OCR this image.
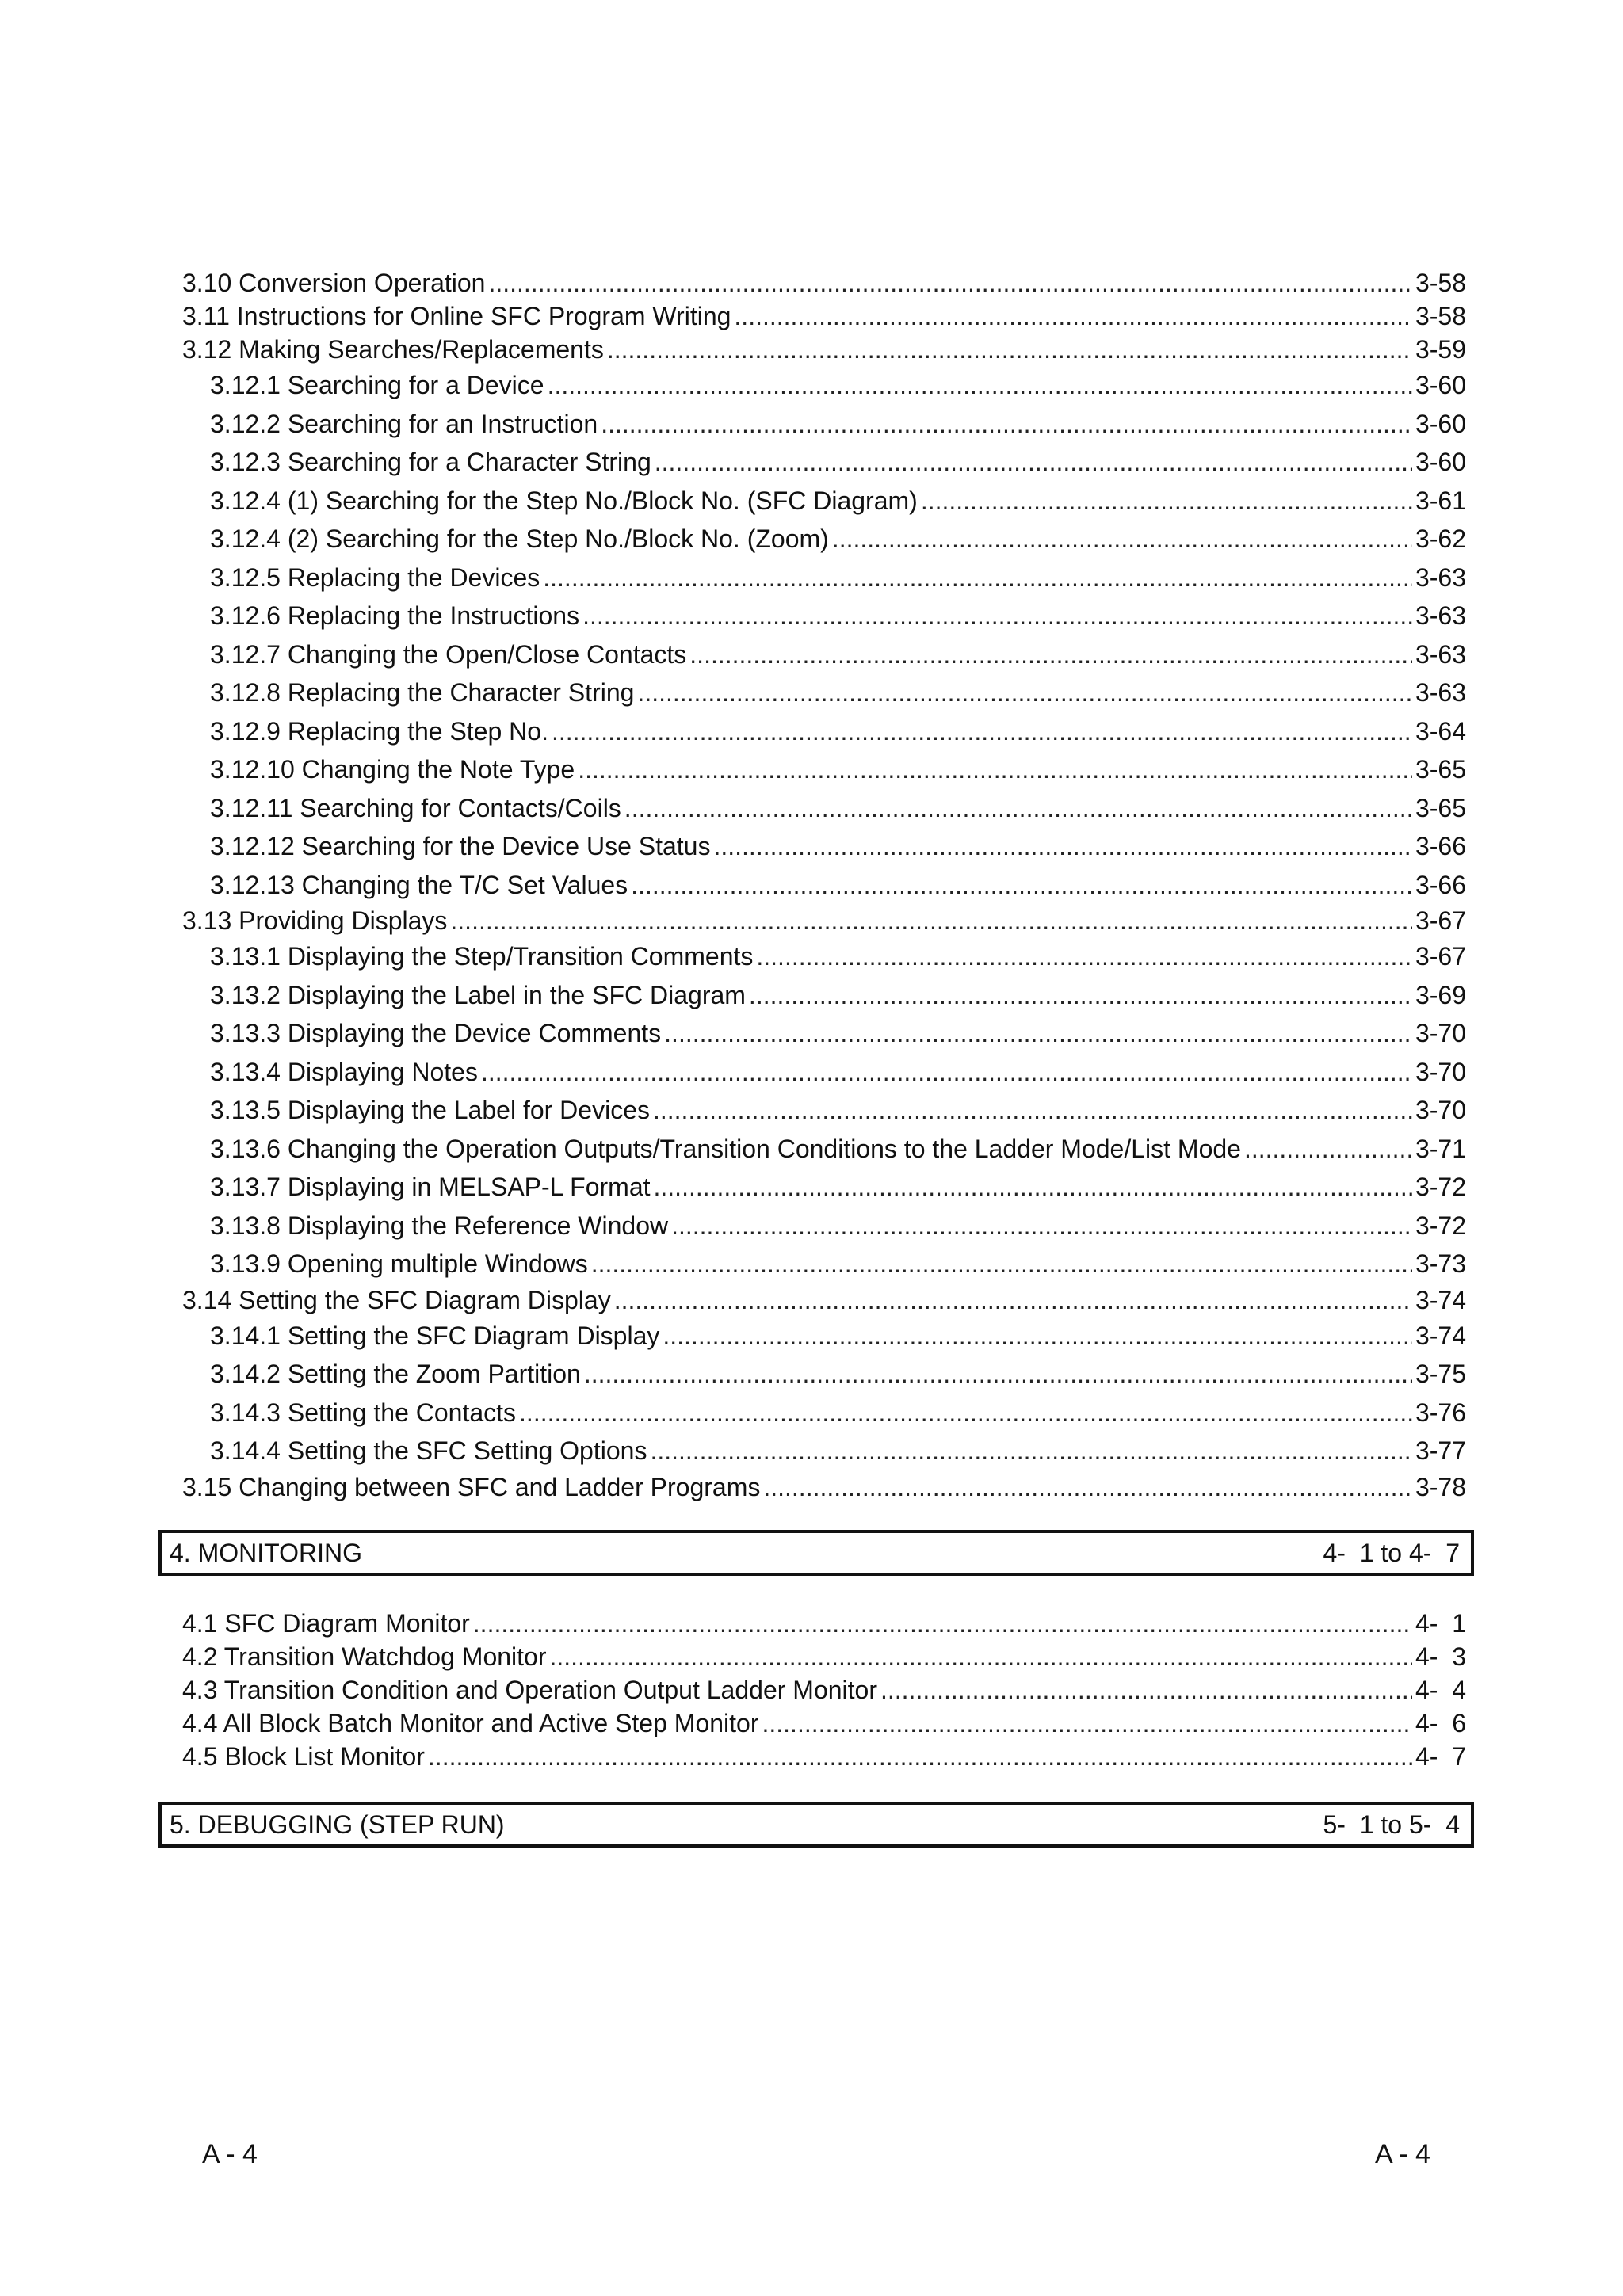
3.10 Conversion Operation .....	3-58
3.11 Instructions for Online SFC Program Writing .....	3-58
3.12 Making Searches/Replacements .....	3-59
3.12.1 Searching for a Device .....	3-60
3.12.2 Searching for an Instruction .....	3-60
3.12.3 Searching for a Character String .....	3-60
3.12.4 (1) Searching for the Step No./Block No. (SFC Diagram) .....	3-61
3.12.4 (2) Searching for the Step No./Block No. (Zoom) .....	3-62
3.12.5 Replacing the Devices .....	3-63
3.12.6 Replacing the Instructions .....	3-63
3.12.7 Changing the Open/Close Contacts .....	3-63
3.12.8 Replacing the Character String .....	3-63
3.12.9 Replacing the Step No. .....	3-64
3.12.10 Changing the Note Type .....	3-65
3.12.11 Searching for Contacts/Coils .....	3-65
3.12.12 Searching for the Device Use Status .....	3-66
3.12.13 Changing the T/C Set Values .....	3-66
3.13 Providing Displays .....	3-67
3.13.1 Displaying the Step/Transition Comments .....	3-67
3.13.2 Displaying the Label in the SFC Diagram .....	3-69
3.13.3 Displaying the Device Comments .....	3-70
3.13.4 Displaying Notes .....	3-70
3.13.5 Displaying the Label for Devices .....	3-70
3.13.6 Changing the Operation Outputs/Transition Conditions to the Ladder Mode/List Mode .....	3-71
3.13.7 Displaying in MELSAP-L Format .....	3-72
3.13.8 Displaying the Reference Window .....	3-72
3.13.9 Opening multiple Windows .....	3-73
3.14 Setting the SFC Diagram Display .....	3-74
3.14.1 Setting the SFC Diagram Display .....	3-74
3.14.2 Setting the Zoom Partition .....	3-75
3.14.3 Setting the Contacts .....	3-76
3.14.4 Setting the SFC Setting Options .....	3-77
3.15 Changing between SFC and Ladder Programs .....	3-78
4. MONITORING	4-  1 to 4-  7
4.1 SFC Diagram Monitor .....	4-  1
4.2 Transition Watchdog Monitor .....	4-  3
4.3 Transition Condition and Operation Output Ladder Monitor .....	4-  4
4.4 All Block Batch Monitor and Active Step Monitor .....	4-  6
4.5 Block List Monitor .....	4-  7
5. DEBUGGING (STEP RUN)	5-  1 to 5-  4
A - 4	A - 4
